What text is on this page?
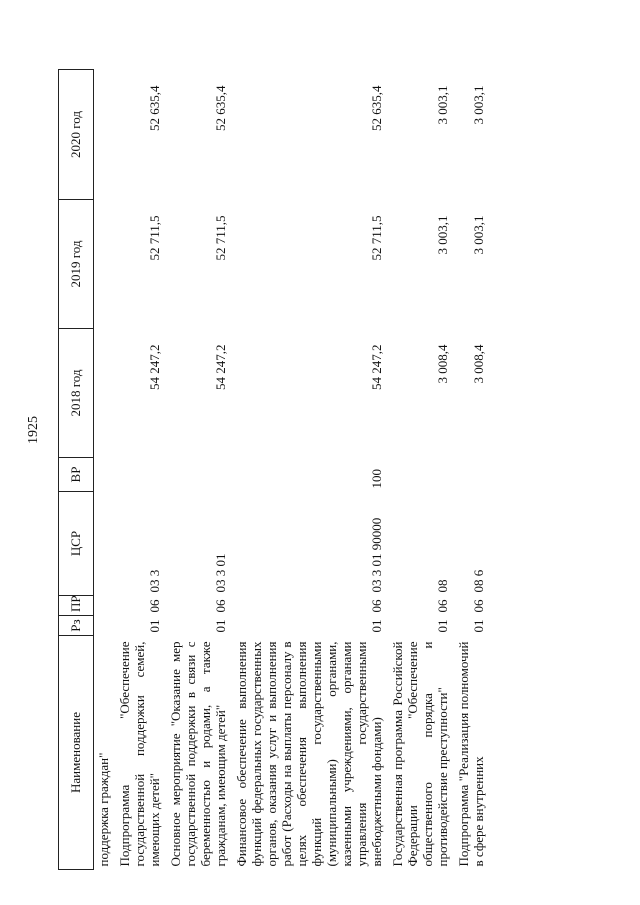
1925
Наименование	Рз	ПР	ЦСР	ВР	2018 год	2019 год	2020 год
поддержка граждан"							
Подпрограмма "Обеспечение государственной поддержки семей, имеющих детей"	01	06	03 3		54 247,2	52 711,5	52 635,4
Основное мероприятие "Оказание мер государственной поддержки в связи с беременностью и родами, а также гражданам, имеющим детей"	01	06	03 3 01		54 247,2	52 711,5	52 635,4
Финансовое обеспечение выполнения функций федеральных государственных органов, оказания услуг и выполнения работ (Расходы на выплаты персоналу в целях обеспечения выполнения функций государственными (муниципальными) органами, казенными учреждениями, органами управления государственными внебюджетными фондами)	01	06	03 3 01 90000	100	54 247,2	52 711,5	52 635,4
Государственная программа Российской Федерации "Обеспечение общественного порядка и противодействие преступности"	01	06	08		3 008,4	3 003,1	3 003,1
Подпрограмма "Реализация полномочий в сфере внутренних	01	06	08 6		3 008,4	3 003,1	3 003,1
